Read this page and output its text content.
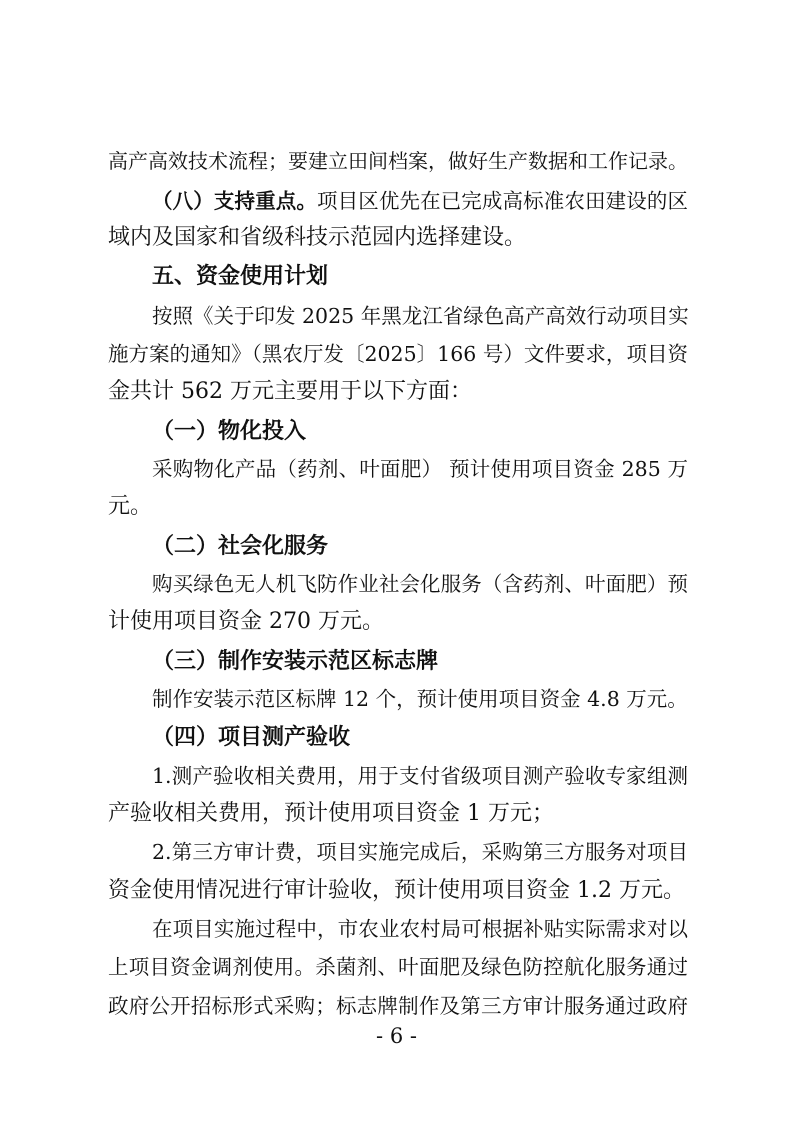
高产高效技术流程；要建立田间档案，做好生产数据和工作记录。
（八）支持重点。项目区优先在已完成高标准农田建设的区
域内及国家和省级科技示范园内选择建设。
五、资金使用计划
按照《关于印发 2025 年黑龙江省绿色高产高效行动项目实
施方案的通知》（黑农厅发〔2025〕166 号）文件要求，项目资
金共计 562 万元主要用于以下方面：
（一）物化投入
采购物化产品（药剂、叶面肥） 预计使用项目资金 285 万
元。
（二）社会化服务
购买绿色无人机飞防作业社会化服务（含药剂、叶面肥）预
计使用项目资金 270 万元。
（三）制作安装示范区标志牌
制作安装示范区标牌 12 个，预计使用项目资金 4.8 万元。
（四）项目测产验收
1.测产验收相关费用，用于支付省级项目测产验收专家组测
产验收相关费用，预计使用项目资金 1 万元；
2.第三方审计费，项目实施完成后，采购第三方服务对项目
资金使用情况进行审计验收，预计使用项目资金 1.2 万元。
在项目实施过程中，市农业农村局可根据补贴实际需求对以
上项目资金调剂使用。杀菌剂、叶面肥及绿色防控航化服务通过
政府公开招标形式采购；标志牌制作及第三方审计服务通过政府
- 6 -
